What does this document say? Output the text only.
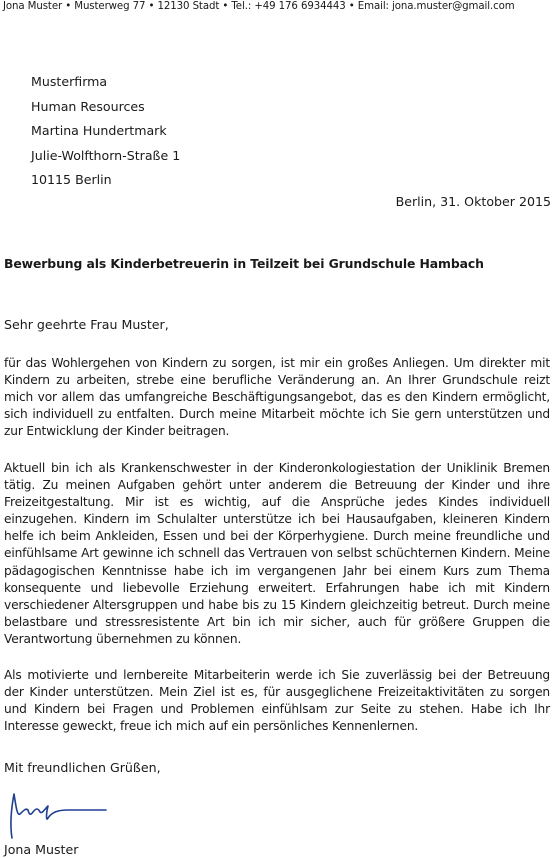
Jona Muster • Musterweg 77 • 12130 Stadt • Tel.: +49 176 6934443 • Email: jona.muster@gmail.com
Musterfirma
Human Resources
Martina Hundertmark
Julie-Wolfthorn-Straße 1
10115 Berlin
Berlin, 31. Oktober 2015
Bewerbung als Kinderbetreuerin in Teilzeit bei Grundschule Hambach
Sehr geehrte Frau Muster,
für das Wohlergehen von Kindern zu sorgen, ist mir ein großes Anliegen. Um direkter mit Kindern zu arbeiten, strebe eine berufliche Veränderung an. An Ihrer Grundschule reizt mich vor allem das umfangreiche Beschäftigungsangebot, das es den Kindern ermöglicht, sich individuell zu entfalten. Durch meine Mitarbeit möchte ich Sie gern unterstützen und zur Entwicklung der Kinder beitragen.
Aktuell bin ich als Krankenschwester in der Kinderonkologiestation der Uniklinik Bremen tätig. Zu meinen Aufgaben gehört unter anderem die Betreuung der Kinder und ihre Freizeitgestaltung. Mir ist es wichtig, auf die Ansprüche jedes Kindes individuell einzugehen. Kindern im Schulalter unterstütze ich bei Hausaufgaben, kleineren Kindern helfe ich beim Ankleiden, Essen und bei der Körperhygiene. Durch meine freundliche und einfühlsame Art gewinne ich schnell das Vertrauen von selbst schüchternen Kindern. Meine pädagogischen Kenntnisse habe ich im vergangenen Jahr bei einem Kurs zum Thema konsequente und liebevolle Erziehung erweitert. Erfahrungen habe ich mit Kindern verschiedener Altersgruppen und habe bis zu 15 Kindern gleichzeitig betreut. Durch meine belastbare und stressresistente Art bin ich mir sicher, auch für größere Gruppen die Verantwortung übernehmen zu können.
Als motivierte und lernbereite Mitarbeiterin werde ich Sie zuverlässig bei der Betreuung der Kinder unterstützen. Mein Ziel ist es, für ausgeglichene Freizeitaktivitäten zu sorgen und Kindern bei Fragen und Problemen einfühlsam zur Seite zu stehen. Habe ich Ihr Interesse geweckt, freue ich mich auf ein persönliches Kennenlernen.
Mit freundlichen Grüßen,
Jona Muster
